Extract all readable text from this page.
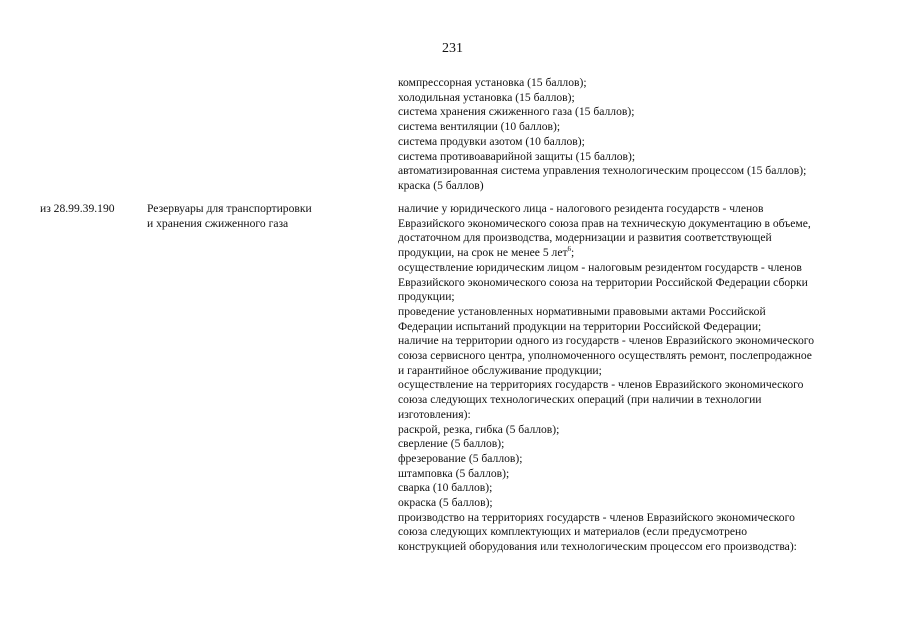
231
компрессорная установка (15 баллов);
холодильная установка (15 баллов);
система хранения сжиженного газа (15 баллов);
система вентиляции (10 баллов);
система продувки азотом (10 баллов);
система противоаварийной защиты (15 баллов);
автоматизированная система управления технологическим процессом (15 баллов);
краска (5 баллов)
из 28.99.39.190	Резервуары для транспортировки
и хранения сжиженного газа
наличие у юридического лица - налогового резидента государств - членов
Евразийского экономического союза прав на техническую документацию в объеме,
достаточном для производства, модернизации и развития соответствующей
продукции, на срок не менее 5 лет$^6$;
осуществление юридическим лицом - налоговым резидентом государств - членов
Евразийского экономического союза на территории Российской Федерации сборки
продукции;
проведение установленных нормативными правовыми актами Российской
Федерации испытаний продукции на территории Российской Федерации;
наличие на территории одного из государств - членов Евразийского экономического
союза сервисного центра, уполномоченного осуществлять ремонт, послепродажное
и гарантийное обслуживание продукции;
осуществление на территориях государств - членов Евразийского экономического
союза следующих технологических операций (при наличии в технологии
изготовления):
раскрой, резка, гибка (5 баллов);
сверление (5 баллов);
фрезерование (5 баллов);
штамповка (5 баллов);
сварка (10 баллов);
окраска (5 баллов);
производство на территориях государств - членов Евразийского экономического
союза следующих комплектующих и материалов (если предусмотрено
конструкцией оборудования или технологическим процессом его производства):
